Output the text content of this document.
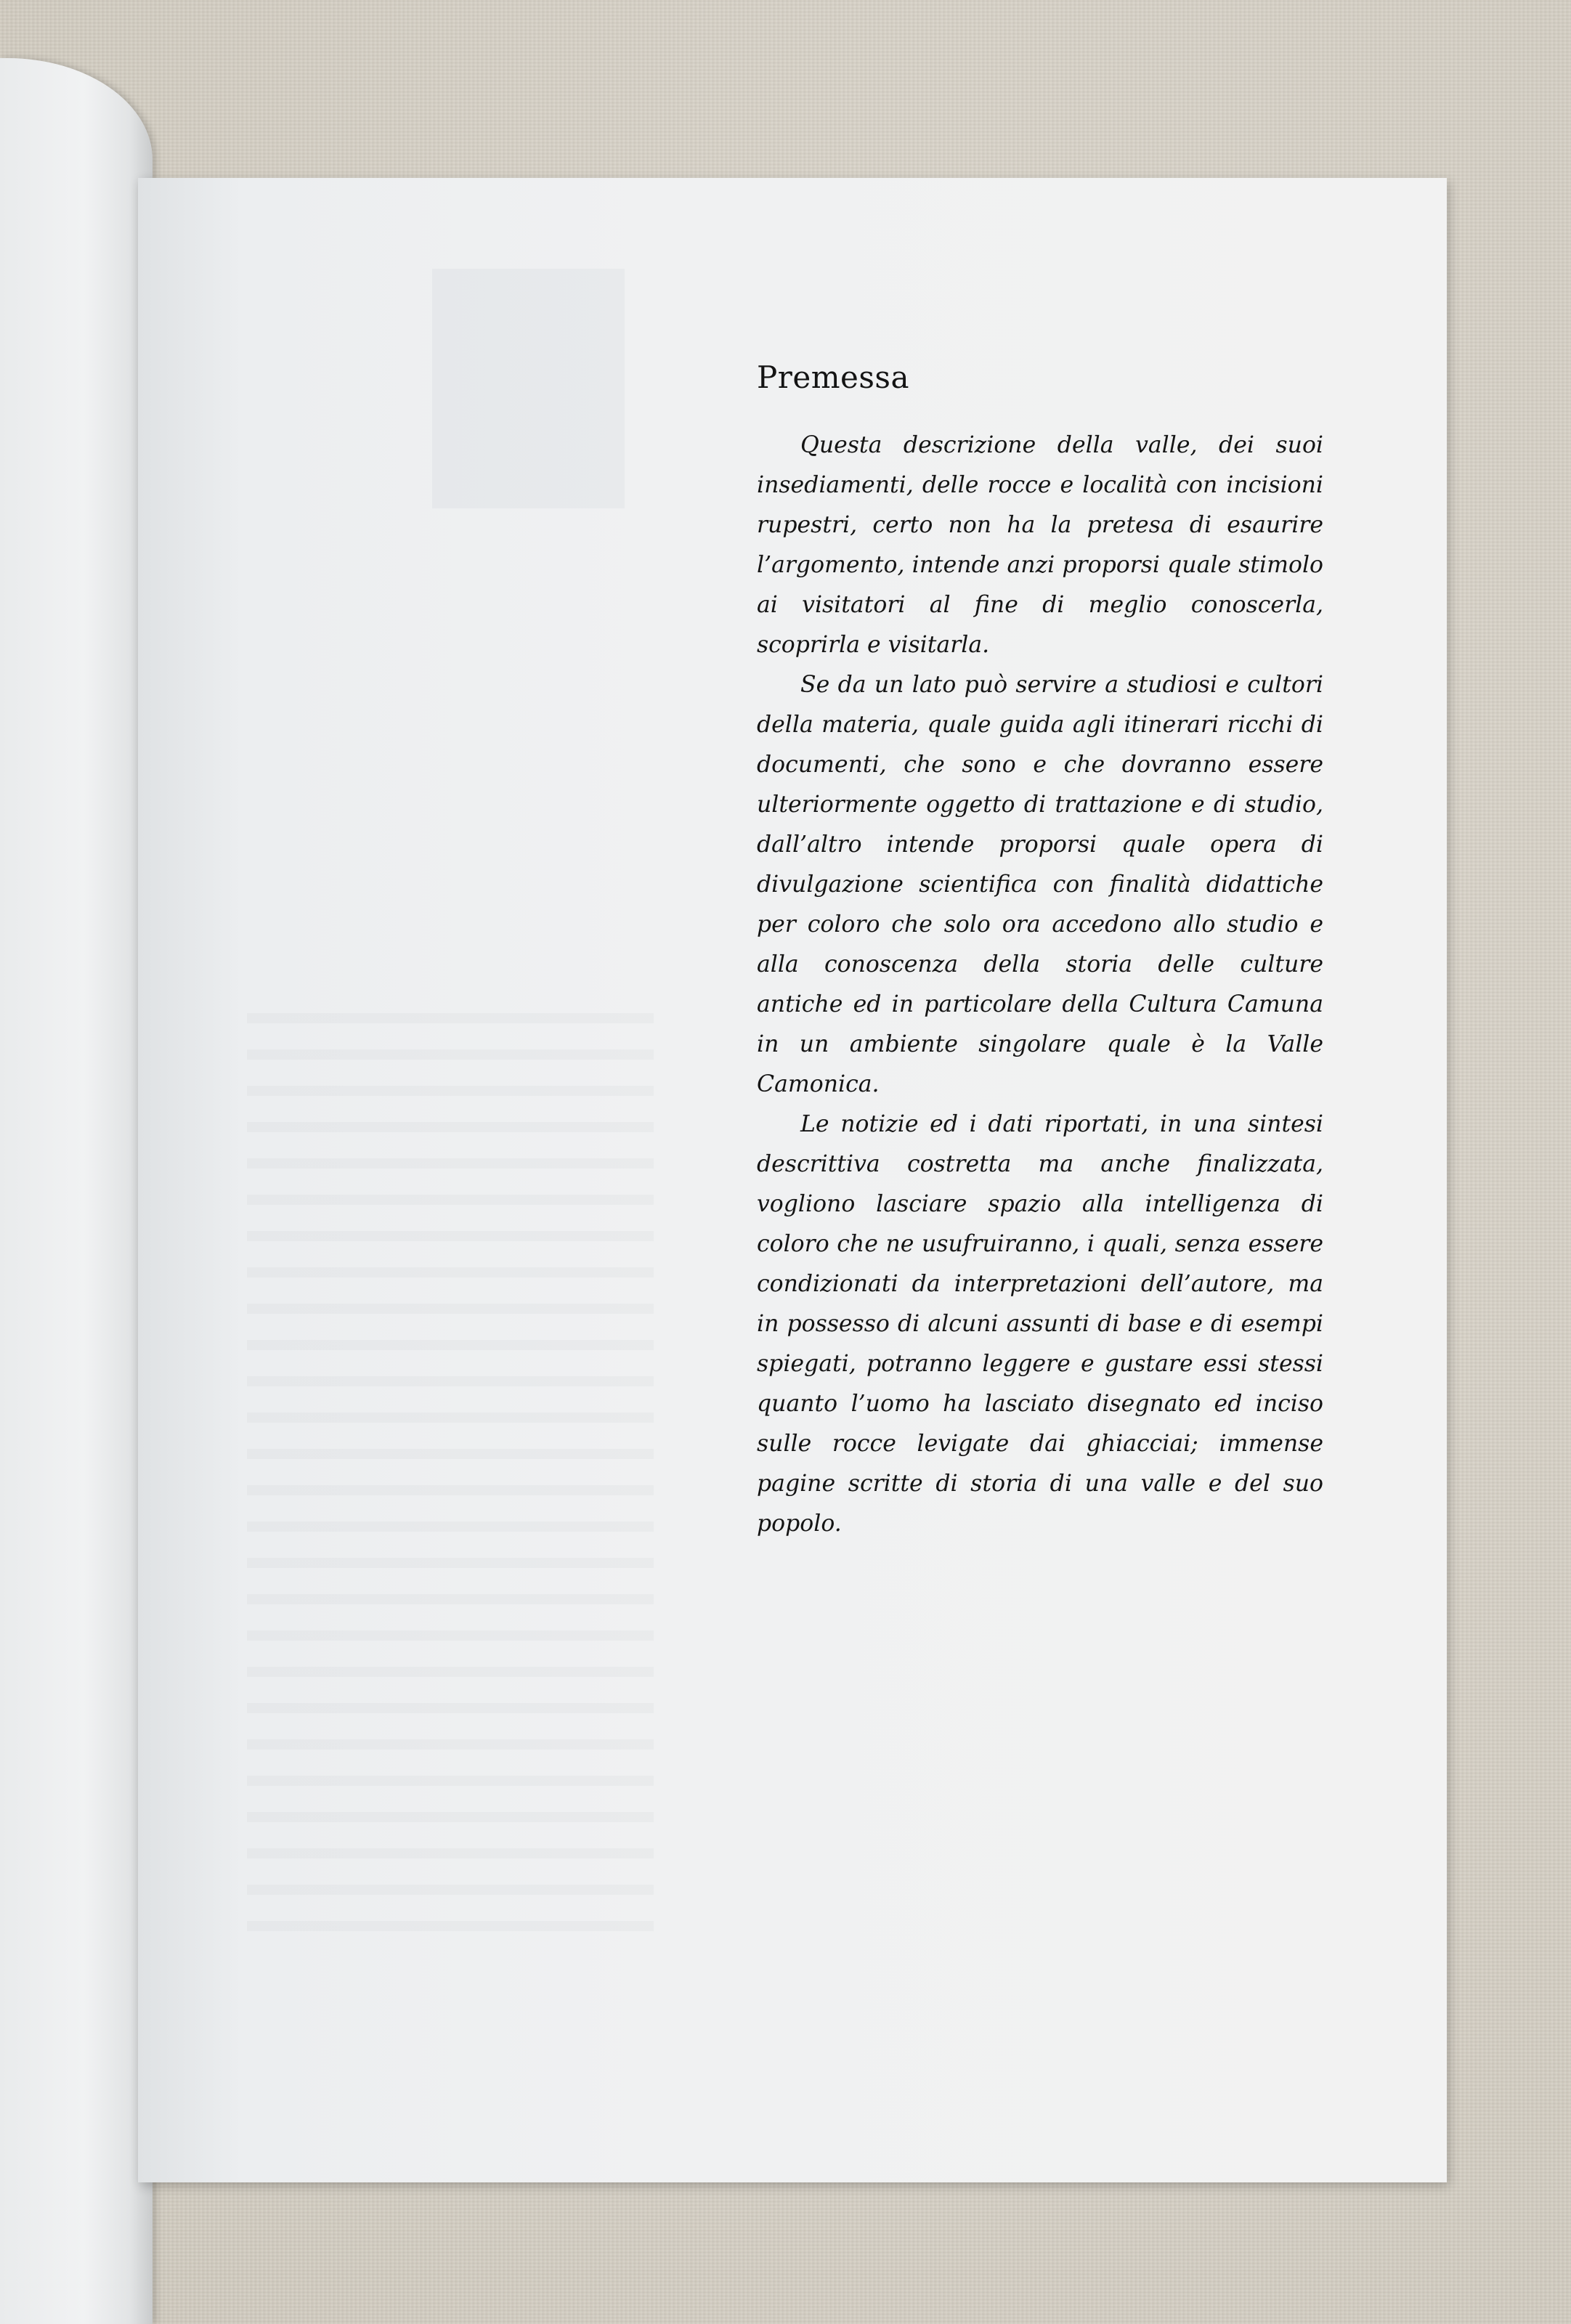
Premessa

Questa descrizione della valle, dei suoi insediamenti, delle rocce e località con incisioni rupestri, certo non ha la pretesa di esaurire l’argomento, intende anzi proporsi quale stimolo ai visitatori al fine di meglio conoscerla, scoprirla e visitarla.

Se da un lato può servire a studiosi e cultori della materia, quale guida agli itinerari ricchi di documenti, che sono e che dovranno essere ulteriormente oggetto di trattazione e di studio, dall’altro intende proporsi quale opera di divulgazione scientifica con finalità didattiche per coloro che solo ora accedono allo studio e alla conoscenza della storia delle culture antiche ed in particolare della Cultura Camuna in un ambiente singolare quale è la Valle Camonica.

Le notizie ed i dati riportati, in una sintesi descrittiva costretta ma anche finalizzata, vogliono lasciare spazio alla intelligenza di coloro che ne usufruiranno, i quali, senza essere condizionati da interpretazioni dell’autore, ma in possesso di alcuni assunti di base e di esempi spiegati, potranno leggere e gustare essi stessi quanto l’uomo ha lasciato disegnato ed inciso sulle rocce levigate dai ghiacciai; immense pagine scritte di storia di una valle e del suo popolo.
